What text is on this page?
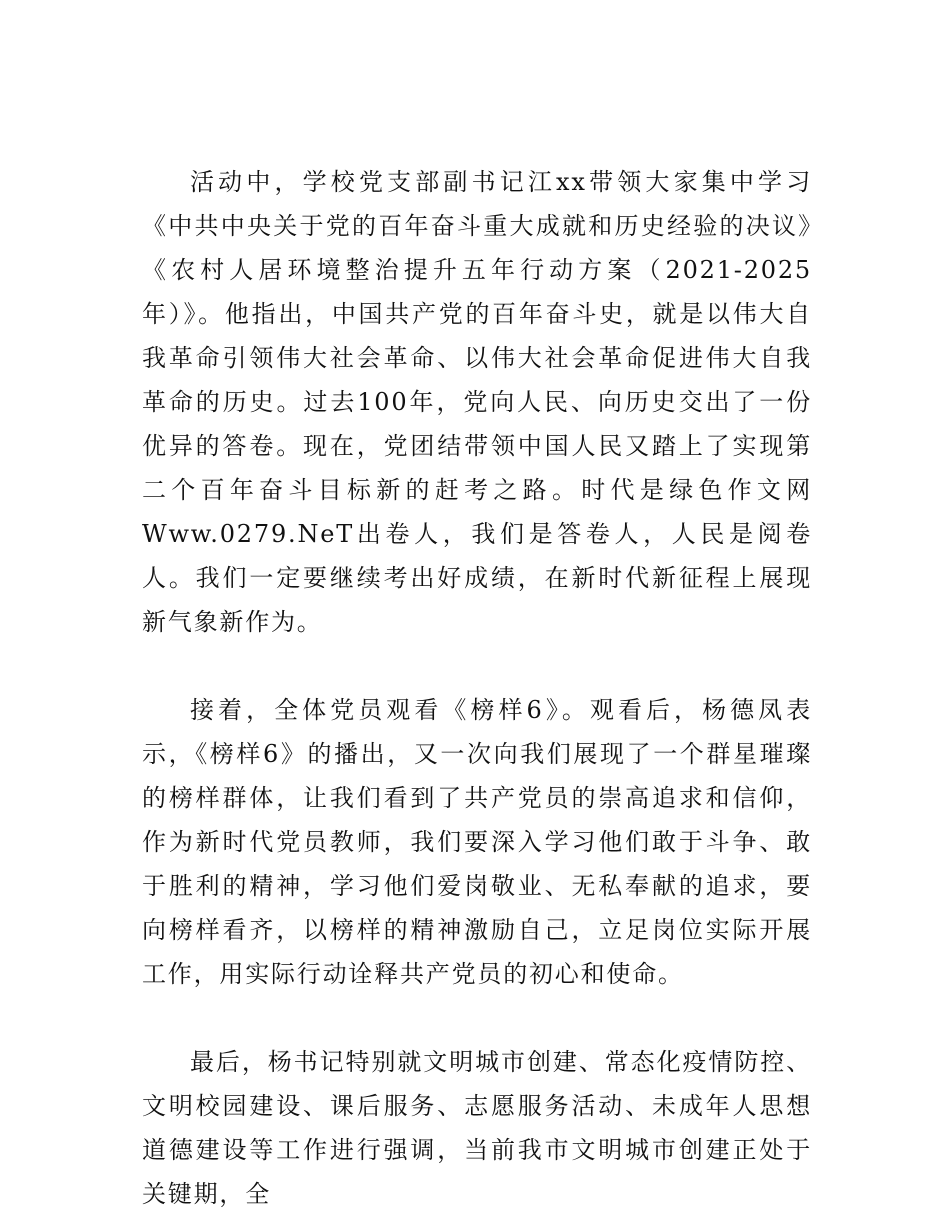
活动中，学校党支部副书记江xx带领大家集中学习《中共中央关于党的百年奋斗重大成就和历史经验的决议》《农村人居环境整治提升五年行动方案（2021-2025年）》。他指出，中国共产党的百年奋斗史，就是以伟大自我革命引领伟大社会革命、以伟大社会革命促进伟大自我革命的历史。过去100年，党向人民、向历史交出了一份优异的答卷。现在，党团结带领中国人民又踏上了实现第二个百年奋斗目标新的赶考之路。时代是绿色作文网Www.0279.NeT出卷人，我们是答卷人，人民是阅卷人。我们一定要继续考出好成绩，在新时代新征程上展现新气象新作为。

接着，全体党员观看《榜样6》。观看后，杨德凤表示，《榜样6》的播出，又一次向我们展现了一个群星璀璨的榜样群体，让我们看到了共产党员的崇高追求和信仰，作为新时代党员教师，我们要深入学习他们敢于斗争、敢于胜利的精神，学习他们爱岗敬业、无私奉献的追求，要向榜样看齐，以榜样的精神激励自己，立足岗位实际开展工作，用实际行动诠释共产党员的初心和使命。

最后，杨书记特别就文明城市创建、常态化疫情防控、文明校园建设、课后服务、志愿服务活动、未成年人思想道德建设等工作进行强调，当前我市文明城市创建正处于关键期，全
